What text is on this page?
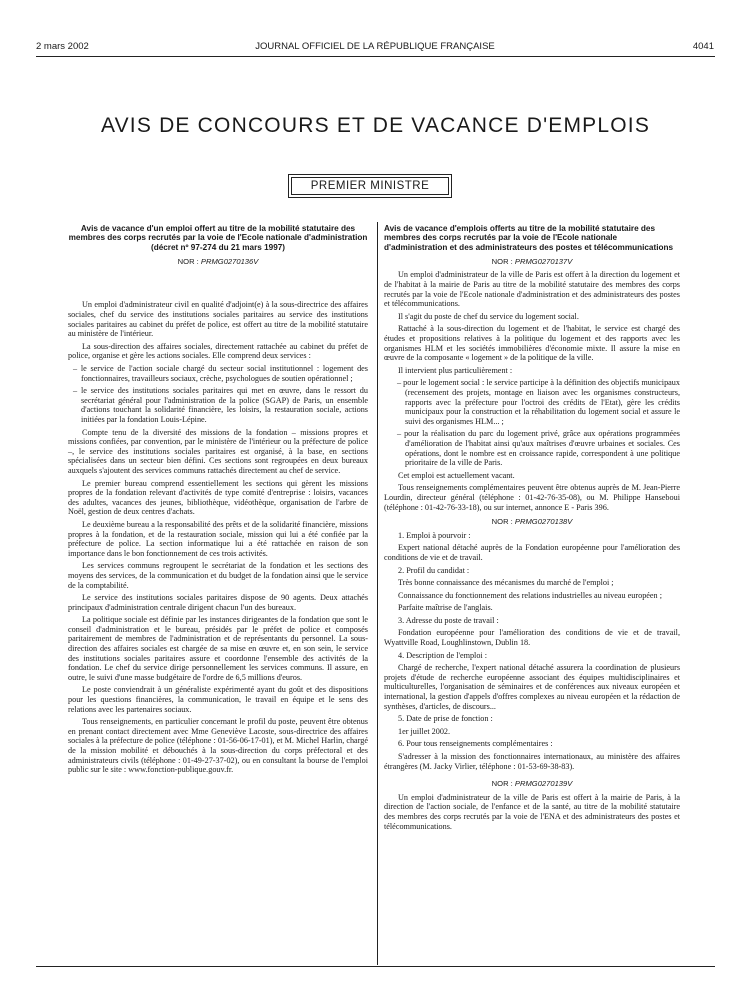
2 mars 2002	JOURNAL OFFICIEL DE LA RÉPUBLIQUE FRANÇAISE	4041
AVIS DE CONCOURS ET DE VACANCE D'EMPLOIS
PREMIER MINISTRE
Avis de vacance d'un emploi offert au titre de la mobilité statutaire des membres des corps recrutés par la voie de l'Ecole nationale d'administration (décret nº 97-274 du 21 mars 1997)
NOR : PRMG0270136V

Un emploi d'administrateur civil en qualité d'adjoint(e) à la sous-directrice des affaires sociales, chef du service des institutions sociales paritaires au service des institutions sociales paritaires au cabinet du préfet de police, est offert au titre de la mobilité statutaire au ministère de l'intérieur.

La sous-direction des affaires sociales, directement rattachée au cabinet du préfet de police, organise et gère les actions sociales. Elle comprend deux services :

– le service de l'action sociale chargé du secteur social institutionnel : logement des fonctionnaires, travailleurs sociaux, crèche, psychologues de soutien opérationnel ;

– le service des institutions sociales paritaires qui met en œuvre, dans le ressort du secrétariat général pour l'administration de la police (SGAP) de Paris, un ensemble d'actions touchant la solidarité financière, les loisirs, la restauration sociale, actions initiées par la fondation Louis-Lépine.

Compte tenu de la diversité des missions de la fondation – missions propres et missions confiées, par convention, par le ministère de l'intérieur ou la préfecture de police –, le service des institutions sociales paritaires est organisé, à la base, en sections spécialisées dans un secteur bien défini. Ces sections sont regroupées en deux bureaux auxquels s'ajoutent des services communs rattachés directement au chef de service.

Le premier bureau comprend essentiellement les sections qui gèrent les missions propres de la fondation relevant d'activités de type comité d'entreprise : loisirs, vacances des adultes, vacances des jeunes, bibliothèque, vidéothèque, organisation de l'arbre de Noël, gestion de deux centres d'achats.

Le deuxième bureau a la responsabilité des prêts et de la solidarité financière, missions propres à la fondation, et de la restauration sociale, mission qui lui a été confiée par la préfecture de police. La section informatique lui a été rattachée en raison de son importance dans le bon fonctionnement de ces trois activités.

Les services communs regroupent le secrétariat de la fondation et les sections des moyens des services, de la communication et du budget de la fondation ainsi que le service de la comptabilité.

Le service des institutions sociales paritaires dispose de 90 agents. Deux attachés principaux d'administration centrale dirigent chacun l'un des bureaux.

La politique sociale est définie par les instances dirigeantes de la fondation que sont le conseil d'administration et le bureau, présidés par le préfet de police et composés paritairement de membres de l'administration et de représentants du personnel. La sous-direction des affaires sociales est chargée de sa mise en œuvre et, en son sein, le service des institutions sociales paritaires assure et coordonne l'ensemble des activités de la fondation. Le chef du service dirige personnellement les services communs. Il assure, en outre, le suivi d'une masse budgétaire de l'ordre de 6,5 millions d'euros.

Le poste conviendrait à un généraliste expérimenté ayant du goût et des dispositions pour les questions financières, la communication, le travail en équipe et le sens des relations avec les partenaires sociaux.

Tous renseignements, en particulier concernant le profil du poste, peuvent être obtenus en prenant contact directement avec Mme Geneviève Lacoste, sous-directrice des affaires sociales à la préfecture de police (téléphone : 01-56-06-17-01), et M. Michel Harlin, chargé de la mission mobilité et débouchés à la sous-direction du corps préfectoral et des administrateurs civils (téléphone : 01-49-27-37-02), ou en consultant la bourse de l'emploi public sur le site : www.fonction-publique.gouv.fr.

Avis de vacance d'emplois offerts au titre de la mobilité statutaire des membres des corps recrutés par la voie de l'Ecole nationale d'administration et des administrateurs des postes et télécommunications
NOR : PRMG0270137V

Un emploi d'administrateur de la ville de Paris est offert à la direction du logement et de l'habitat à la mairie de Paris au titre de la mobilité statutaire des membres des corps recrutés par la voie de l'Ecole nationale d'administration et des administrateurs des postes et télécommunications.

Il s'agit du poste de chef du service du logement social.

Rattaché à la sous-direction du logement et de l'habitat, le service est chargé des études et propositions relatives à la politique du logement et des rapports avec les organismes HLM et les sociétés immobilières d'économie mixte. Il assure la mise en œuvre de la composante « logement » de la politique de la ville.

Il intervient plus particulièrement :

– pour le logement social : le service participe à la définition des objectifs municipaux (recensement des projets, montage en liaison avec les organismes constructeurs, rapports avec la préfecture pour l'octroi des crédits de l'Etat), gère les crédits municipaux pour la construction et la réhabilitation du logement social et assure le suivi des organismes HLM... ;

– pour la réalisation du parc du logement privé, grâce aux opérations programmées d'amélioration de l'habitat ainsi qu'aux maîtrises d'œuvre urbaines et sociales. Ces opérations, dont le nombre est en croissance rapide, correspondent à une politique prioritaire de la ville de Paris.

Cet emploi est actuellement vacant.

Tous renseignements complémentaires peuvent être obtenus auprès de M. Jean-Pierre Lourdin, directeur général (téléphone : 01-42-76-35-08), ou M. Philippe Hanseboui (téléphone : 01-42-76-33-18), ou sur internet, annonce E - Paris 396.

NOR : PRMG0270138V

1. Emploi à pourvoir :

Expert national détaché auprès de la Fondation européenne pour l'amélioration des conditions de vie et de travail.

2. Profil du candidat :

Très bonne connaissance des mécanismes du marché de l'emploi ;

Connaissance du fonctionnement des relations industrielles au niveau européen ;

Parfaite maîtrise de l'anglais.

3. Adresse du poste de travail :

Fondation européenne pour l'amélioration des conditions de vie et de travail, Wyattville Road, Loughlinstown, Dublin 18.

4. Description de l'emploi :

Chargé de recherche, l'expert national détaché assurera la coordination de plusieurs projets d'étude de recherche européenne associant des équipes multidisciplinaires et multiculturelles, l'organisation de séminaires et de conférences aux niveaux européen et international, la gestion d'appels d'offres complexes au niveau européen et la rédaction de synthèses, d'articles, de discours...

5. Date de prise de fonction :

1er juillet 2002.

6. Pour tous renseignements complémentaires :

S'adresser à la mission des fonctionnaires internationaux, au ministère des affaires étrangères (M. Jacky Virlier, téléphone : 01-53-69-38-83).

NOR : PRMG0270139V

Un emploi d'administrateur de la ville de Paris est offert à la mairie de Paris, à la direction de l'action sociale, de l'enfance et de la santé, au titre de la mobilité statutaire des membres des corps recrutés par la voie de l'ENA et des administrateurs des postes et télécommunications.
